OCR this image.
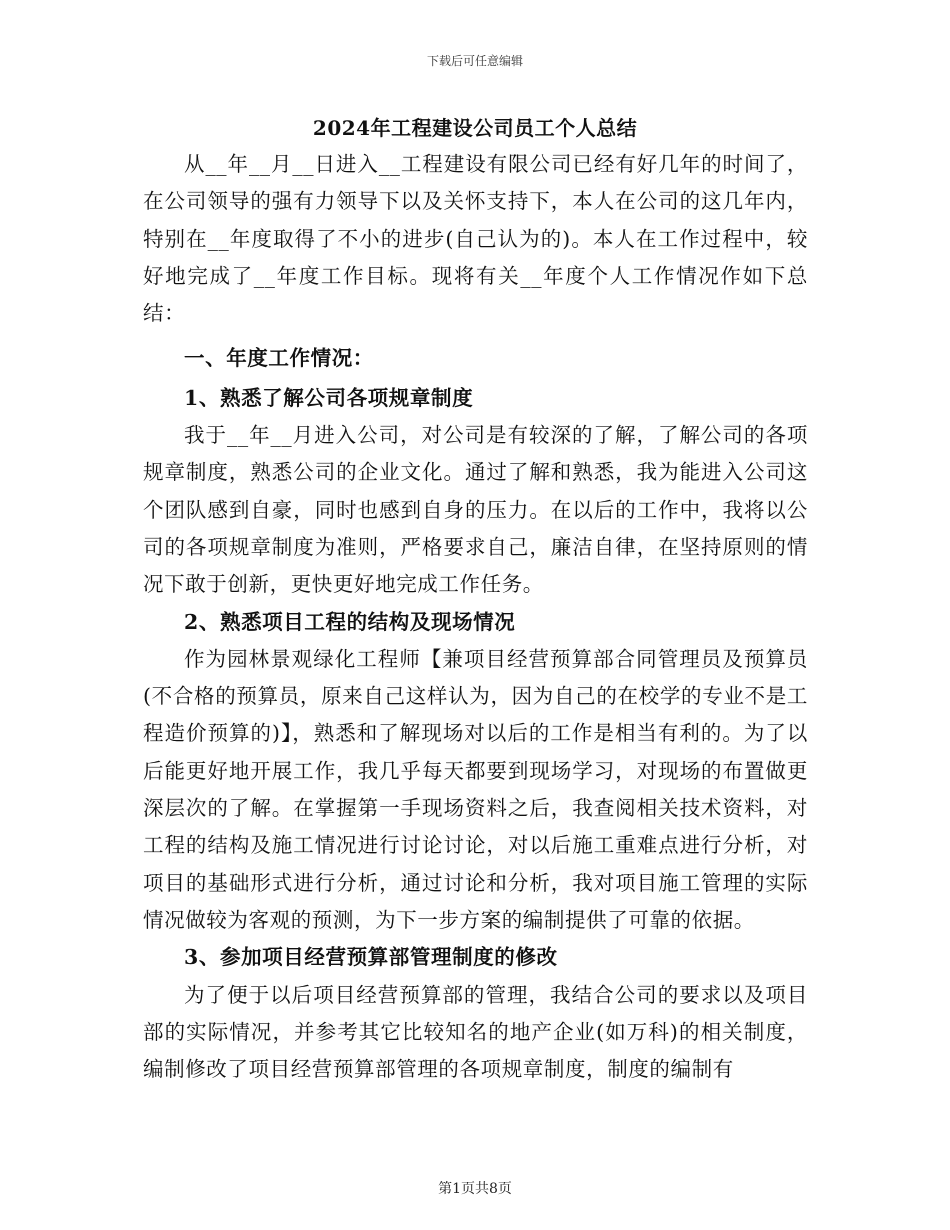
下载后可任意编辑
2024年工程建设公司员工个人总结

从__年__月__日进入__工程建设有限公司已经有好几年的时间了，在公司领导的强有力领导下以及关怀支持下，本人在公司的这几年内，特别在__年度取得了不小的进步(自己认为的)。本人在工作过程中，较好地完成了__年度工作目标。现将有关__年度个人工作情况作如下总结：

一、年度工作情况：
1、熟悉了解公司各项规章制度

我于__年__月进入公司，对公司是有较深的了解，了解公司的各项规章制度，熟悉公司的企业文化。通过了解和熟悉，我为能进入公司这个团队感到自豪，同时也感到自身的压力。在以后的工作中，我将以公司的各项规章制度为准则，严格要求自己，廉洁自律，在坚持原则的情况下敢于创新，更快更好地完成工作任务。

2、熟悉项目工程的结构及现场情况

作为园林景观绿化工程师【兼项目经营预算部合同管理员及预算员(不合格的预算员，原来自己这样认为，因为自己的在校学的专业不是工程造价预算的)】，熟悉和了解现场对以后的工作是相当有利的。为了以后能更好地开展工作，我几乎每天都要到现场学习，对现场的布置做更深层次的了解。在掌握第一手现场资料之后，我查阅相关技术资料，对工程的结构及施工情况进行讨论讨论，对以后施工重难点进行分析，对项目的基础形式进行分析，通过讨论和分析，我对项目施工管理的实际情况做较为客观的预测，为下一步方案的编制提供了可靠的依据。

3、参加项目经营预算部管理制度的修改

为了便于以后项目经营预算部的管理，我结合公司的要求以及项目部的实际情况，并参考其它比较知名的地产企业(如万科)的相关制度，编制修改了项目经营预算部管理的各项规章制度，制度的编制有

第1页共8页
